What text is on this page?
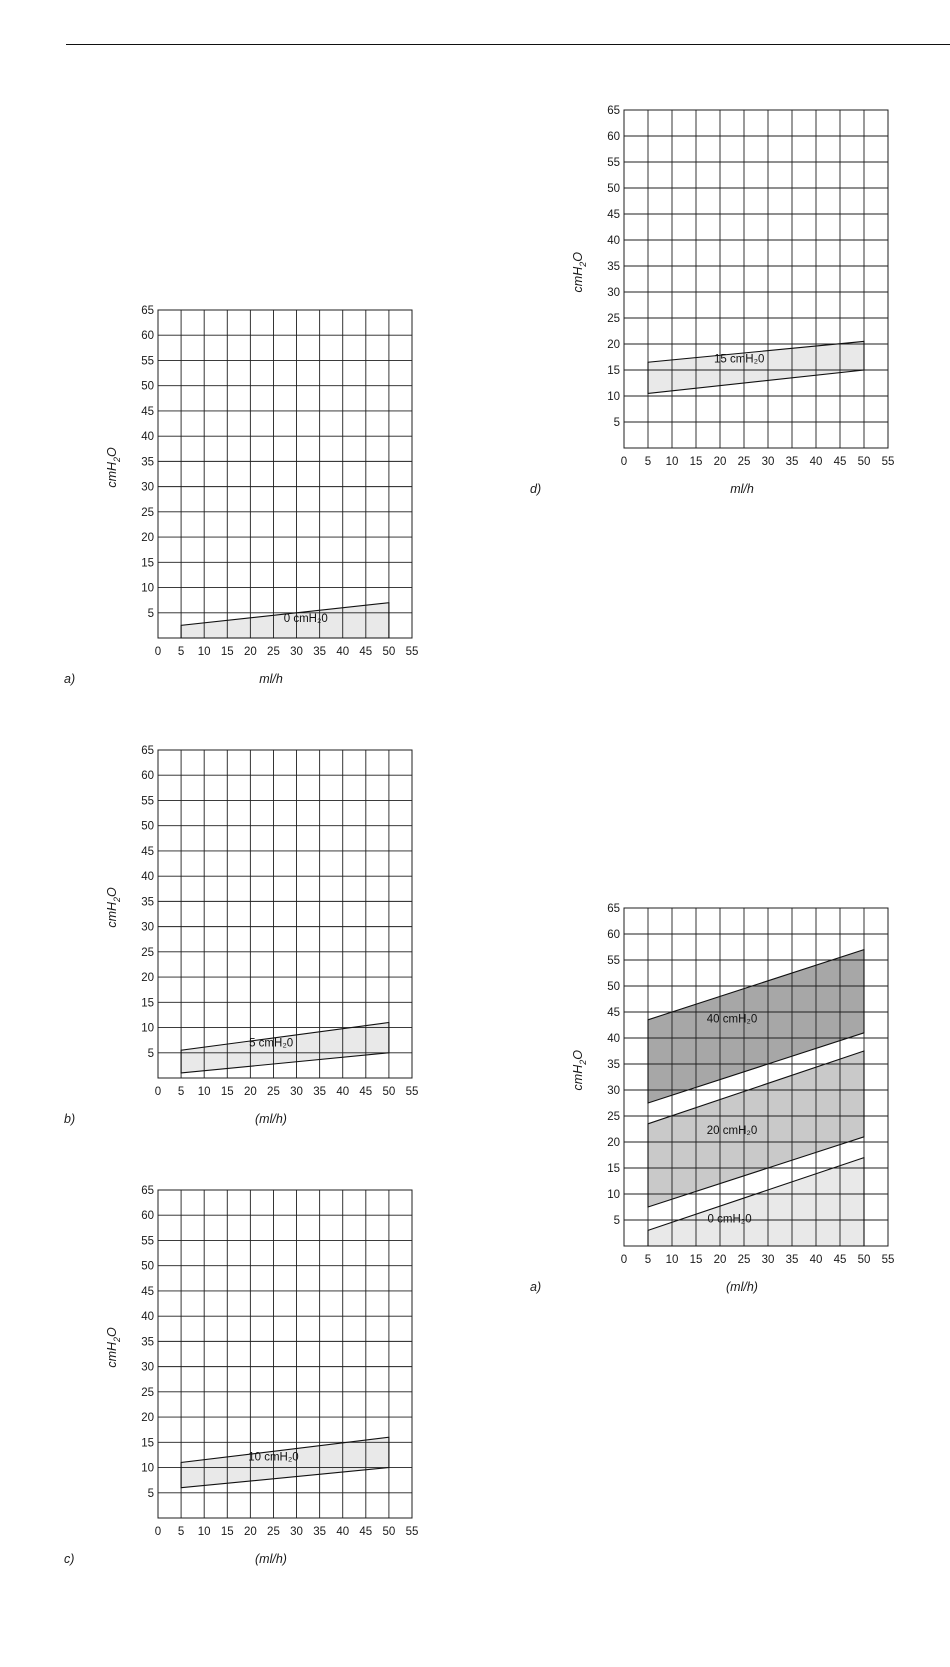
0 cmH₂0
0 5 10 15 20 25 30 35 40 45 50 55
5
10
15
20
25
30
35
40
45
50
55
60
65
ml/h
cmH$_2$O
a)
5 cmH₂0
0 5 10 15 20 25 30 35 40 45 50 55
5
10
15
20
25
30
35
40
45
50
55
60
65
(ml/h)
cmH$_2$O
b)
10 cmH₂0
0 5 10 15 20 25 30 35 40 45 50 55
5
10
15
20
25
30
35
40
45
50
55
60
65
(ml/h)
cmH$_2$O
c)
15 cmH₂0
0 5 10 15 20 25 30 35 40 45 50 55
5
10
15
20
25
30
35
40
45
50
55
60
65
ml/h
cmH$_2$O
d)
40 cmH₂0
20 cmH₂0
0 cmH₂0
0 5 10 15 20 25 30 35 40 45 50 55
5
10
15
20
25
30
35
40
45
50
55
60
65
(ml/h)
cmH$_2$O
a)
